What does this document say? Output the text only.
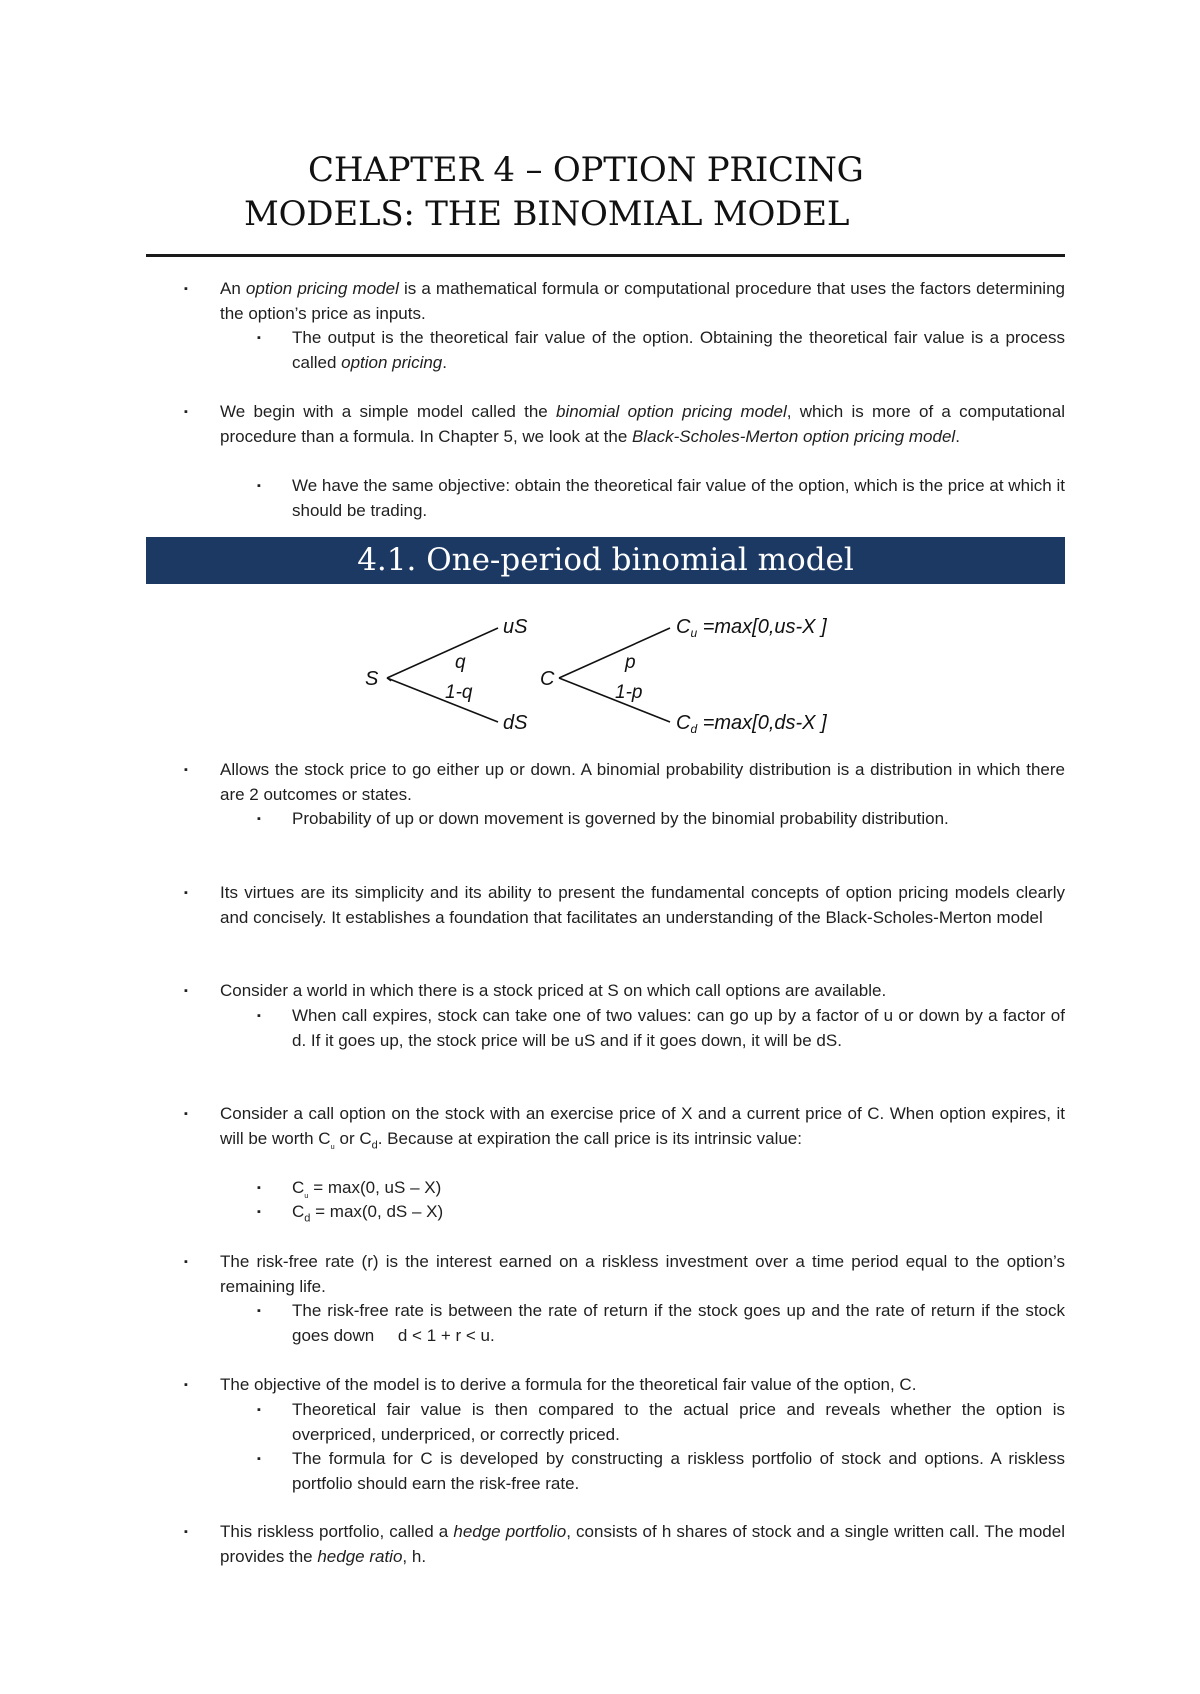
CHAPTER 4 – OPTION PRICING
MODELS: THE BINOMIAL MODEL
▪ An option pricing model is a mathematical formula or computational procedure that uses the factors determining the option’s price as inputs.
▪ The output is the theoretical fair value of the option. Obtaining the theoretical fair value is a process called option pricing.
▪ We begin with a simple model called the binomial option pricing model, which is more of a computational procedure than a formula. In Chapter 5, we look at the Black-Scholes-Merton option pricing model.
▪ We have the same objective: obtain the theoretical fair value of the option, which is the price at which it should be trading.
4.1. One-period binomial model
S
uS
dS
q
1-q
C
p
1-p
$C_u =\max[0,us-X$ ]
$C_d =\max[0,ds-X$ ]
▪ Allows the stock price to go either up or down. A binomial probability distribution is a distribution in which there are 2 outcomes or states.
▪ Probability of up or down movement is governed by the binomial probability distribution.
▪ Its virtues are its simplicity and its ability to present the fundamental concepts of option pricing models clearly and concisely. It establishes a foundation that facilitates an understanding of the Black-Scholes-Merton model
▪ Consider a world in which there is a stock priced at S on which call options are available.
▪ When call expires, stock can take one of two values: can go up by a factor of u or down by a factor of d. If it goes up, the stock price will be uS and if it goes down, it will be dS.
▪ Consider a call option on the stock with an exercise price of X and a current price of C. When option expires, it will be worth $C_ᵤ$ or $C_d$. Because at expiration the call price is its intrinsic value:
▪ $C_ᵤ = \max(0$, uS – X)
▪ $C_d = \max(0$, dS – X)
▪ The risk-free rate (r) is the interest earned on a riskless investment over a time period equal to the option’s remaining life.
▪ The risk-free rate is between the rate of return if the stock goes up and the rate of return if the stock goes down d < 1 + r < u.
▪ The objective of the model is to derive a formula for the theoretical fair value of the option, C.
▪ Theoretical fair value is then compared to the actual price and reveals whether the option is overpriced, underpriced, or correctly priced.
▪ The formula for C is developed by constructing a riskless portfolio of stock and options. A riskless portfolio should earn the risk-free rate.
▪ This riskless portfolio, called a hedge portfolio, consists of h shares of stock and a single written call. The model provides the hedge ratio, h.
